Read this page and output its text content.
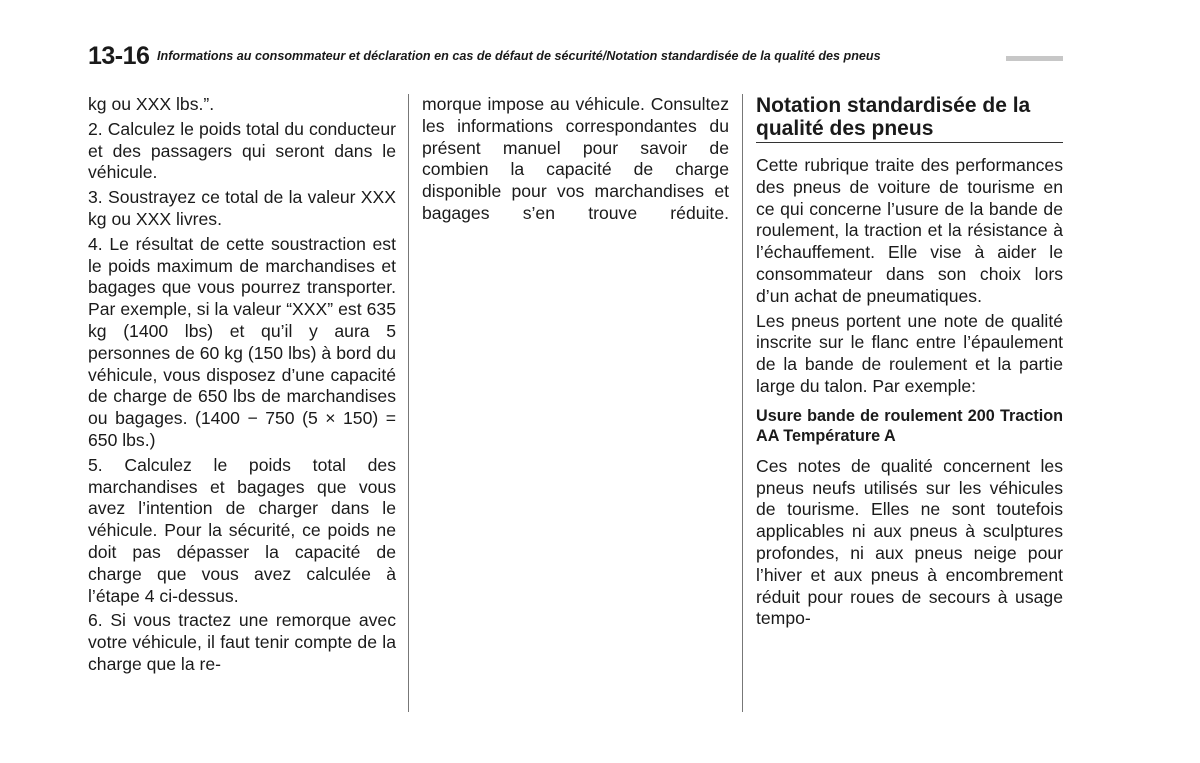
13-16 Informations au consommateur et déclaration en cas de défaut de sécurité/Notation standardisée de la qualité des pneus

kg ou XXX lbs.”.

2. Calculez le poids total du conducteur et des passagers qui seront dans le véhicule.

3. Soustrayez ce total de la valeur XXX kg ou XXX livres.

4. Le résultat de cette soustraction est le poids maximum de marchandises et bagages que vous pourrez transporter. Par exemple, si la valeur “XXX” est 635 kg (1400 lbs) et qu’il y aura 5 personnes de 60 kg (150 lbs) à bord du véhicule, vous disposez d’une capacité de charge de 650 lbs de marchandises ou bagages. (1400 − 750 (5 × 150) = 650 lbs.)

5. Calculez le poids total des marchandises et bagages que vous avez l’intention de charger dans le véhicule. Pour la sécurité, ce poids ne doit pas dépasser la capacité de charge que vous avez calculée à l’étape 4 ci-dessus.

6. Si vous tractez une remorque avec votre véhicule, il faut tenir compte de la charge que la re-

morque impose au véhicule. Consultez les informations correspondantes du présent manuel pour savoir de combien la capacité de charge disponible pour vos marchandises et bagages s’en trouve réduite.

Notation standardisée de la qualité des pneus

Cette rubrique traite des performances des pneus de voiture de tourisme en ce qui concerne l’usure de la bande de roulement, la traction et la résistance à l’échauffement. Elle vise à aider le consommateur dans son choix lors d’un achat de pneumatiques.

Les pneus portent une note de qualité inscrite sur le flanc entre l’épaulement de la bande de roulement et la partie large du talon. Par exemple:

Usure bande de roulement 200 Traction AA Température A

Ces notes de qualité concernent les pneus neufs utilisés sur les véhicules de tourisme. Elles ne sont toutefois applicables ni aux pneus à sculptures profondes, ni aux pneus neige pour l’hiver et aux pneus à encombrement réduit pour roues de secours à usage tempo-
